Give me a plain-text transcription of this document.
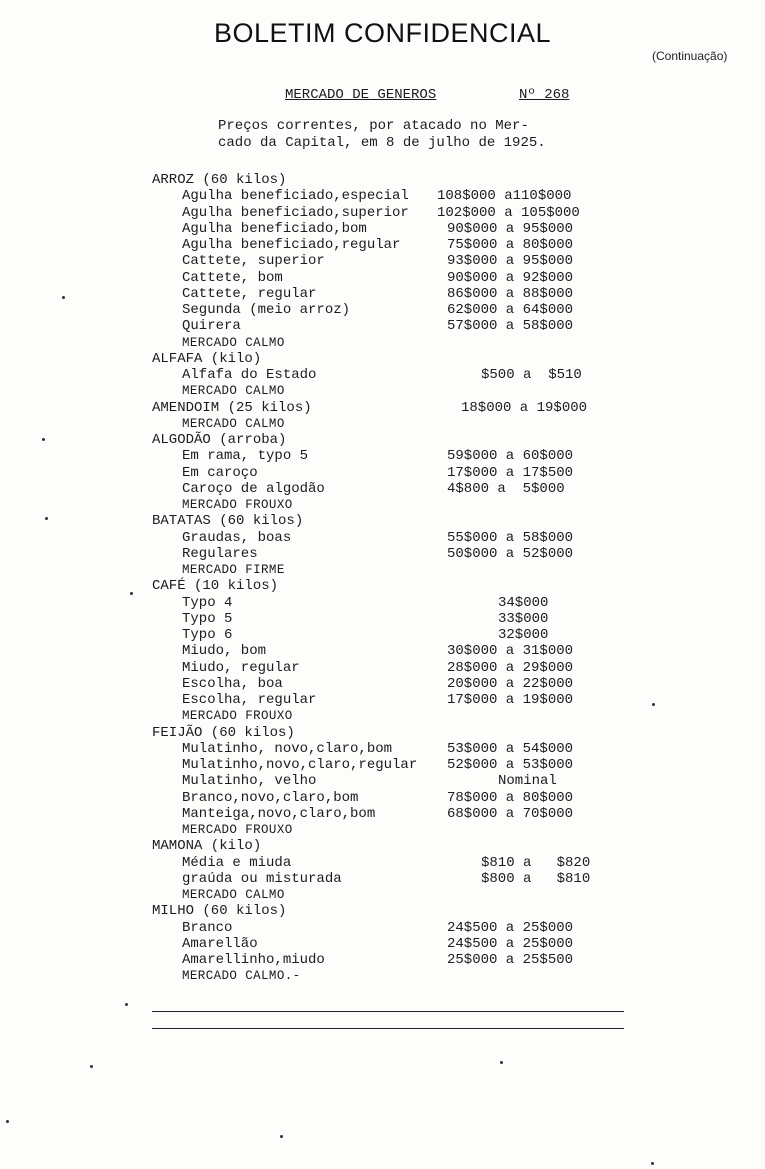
BOLETIM CONFIDENCIAL
(Continuação)
MERCADO DE GENEROS	Nº 268
Preços correntes, por atacado no Mer-
cado da Capital, em 8 de julho de 1925.
ARROZ (60 kilos)
Agulha beneficiado,especial 108$000 a110$000
Agulha beneficiado,superior 102$000 a 105$000
Agulha beneficiado,bom	90$000 a 95$000
Agulha beneficiado,regular	75$000 a 80$000
Cattete, superior	93$000 a 95$000
Cattete, bom	90$000 a 92$000
Cattete, regular	86$000 a 88$000
Segunda (meio arroz)	62$000 a 64$000
Quirera	57$000 a 58$000
MERCADO CALMO
ALFAFA (kilo)
Alfafa do Estado	$500 a  $510
MERCADO CALMO
AMENDOIM (25 kilos)	18$000 a 19$000
MERCADO CALMO
ALGODÃO (arroba)
Em rama, typo 5	59$000 a 60$000
Em caroço	17$000 a 17$500
Caroço de algodão	4$800 a  5$000
MERCADO FROUXO
BATATAS (60 kilos)
Graudas, boas	55$000 a 58$000
Regulares	50$000 a 52$000
MERCADO FIRME
CAFÉ (10 kilos)
Typo 4	34$000
Typo 5	33$000
Typo 6	32$000
Miudo, bom	30$000 a 31$000
Miudo, regular	28$000 a 29$000
Escolha, boa	20$000 a 22$000
Escolha, regular	17$000 a 19$000
MERCADO FROUXO
FEIJÃO (60 kilos)
Mulatinho, novo,claro,bom	53$000 a 54$000
Mulatinho,novo,claro,regular 52$000 a 53$000
Mulatinho, velho	Nominal
Branco,novo,claro,bom	78$000 a 80$000
Manteiga,novo,claro,bom	68$000 a 70$000
MERCADO FROUXO
MAMONA (kilo)
Média e miuda	$810 a   $820
graúda ou misturada	$800 a   $810
MERCADO CALMO
MILHO (60 kilos)
Branco	24$500 a 25$000
Amarellão	24$500 a 25$000
Amarellinho,miudo	25$000 a 25$500
MERCADO CALMO.-
